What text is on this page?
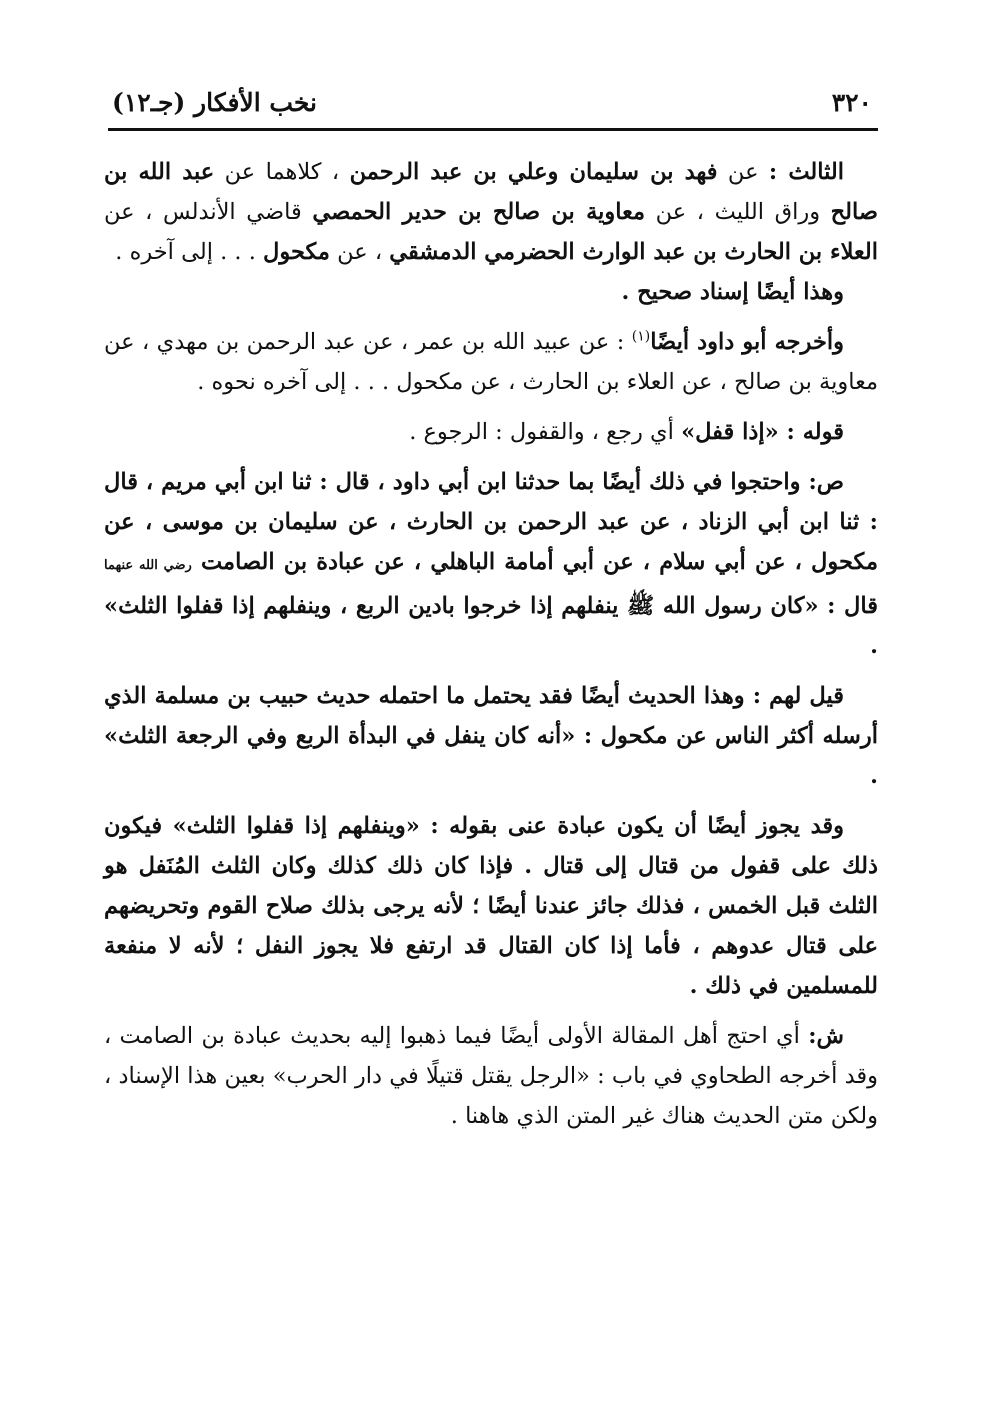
٣٢٠
نخب الأفكار (جـ١٢)

الثالث : عن فهد بن سليمان وعلي بن عبد الرحمن ، كلاهما عن عبد الله بن صالح وراق الليث ، عن معاوية بن صالح بن حدير الحمصي قاضي الأندلس ، عن العلاء بن الحارث بن عبد الوارث الحضرمي الدمشقي ، عن مكحول . . . إلى آخره .

وهذا أيضًا إسناد صحيح .

وأخرجه أبو داود أيضًا$^{(١)}$ : عن عبيد الله بن عمر ، عن عبد الرحمن بن مهدي ، عن معاوية بن صالح ، عن العلاء بن الحارث ، عن مكحول . . . إلى آخره نحوه .

قوله : «إذا قفل» أي رجع ، والقفول : الرجوع .

ص: واحتجوا في ذلك أيضًا بما حدثنا ابن أبي داود ، قال : ثنا ابن أبي مريم ، قال : ثنا ابن أبي الزناد ، عن عبد الرحمن بن الحارث ، عن سليمان بن موسى ، عن مكحول ، عن أبي سلام ، عن أبي أمامة الباهلي ، عن عبادة بن الصامت رضي الله عنهما قال : «كان رسول الله ﷺ ينفلهم إذا خرجوا بادين الربع ، وينفلهم إذا قفلوا الثلث» .

قيل لهم : وهذا الحديث أيضًا فقد يحتمل ما احتمله حديث حبيب بن مسلمة الذي أرسله أكثر الناس عن مكحول : «أنه كان ينفل في البدأة الربع وفي الرجعة الثلث» .

وقد يجوز أيضًا أن يكون عبادة عنى بقوله : «وينفلهم إذا قفلوا الثلث» فيكون ذلك على قفول من قتال إلى قتال . فإذا كان ذلك كذلك وكان الثلث المُنَفل هو الثلث قبل الخمس ، فذلك جائز عندنا أيضًا ؛ لأنه يرجى بذلك صلاح القوم وتحريضهم على قتال عدوهم ، فأما إذا كان القتال قد ارتفع فلا يجوز النفل ؛ لأنه لا منفعة للمسلمين في ذلك .

ش: أي احتج أهل المقالة الأولى أيضًا فيما ذهبوا إليه بحديث عبادة بن الصامت ، وقد أخرجه الطحاوي في باب : «الرجل يقتل قتيلًا في دار الحرب» بعين هذا الإسناد ، ولكن متن الحديث هناك غير المتن الذي هاهنا .
